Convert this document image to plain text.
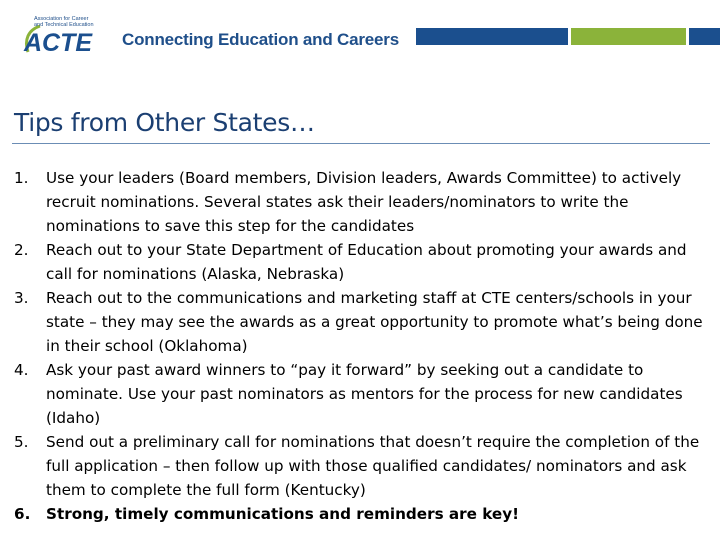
Association for Career
and Technical Education
ACTE Connecting Education and Careers
Tips from Other States…
1. Use your leaders (Board members, Division leaders, Awards Committee) to actively recruit nominations. Several states ask their leaders/nominators to write the nominations to save this step for the candidates
2. Reach out to your State Department of Education about promoting your awards and call for nominations (Alaska, Nebraska)
3. Reach out to the communications and marketing staff at CTE centers/schools in your state – they may see the awards as a great opportunity to promote what’s being done in their school (Oklahoma)
4. Ask your past award winners to “pay it forward” by seeking out a candidate to nominate. Use your past nominators as mentors for the process for new candidates (Idaho)
5. Send out a preliminary call for nominations that doesn’t require the completion of the full application – then follow up with those qualified candidates/ nominators and ask them to complete the full form (Kentucky)
6. Strong, timely communications and reminders are key!
